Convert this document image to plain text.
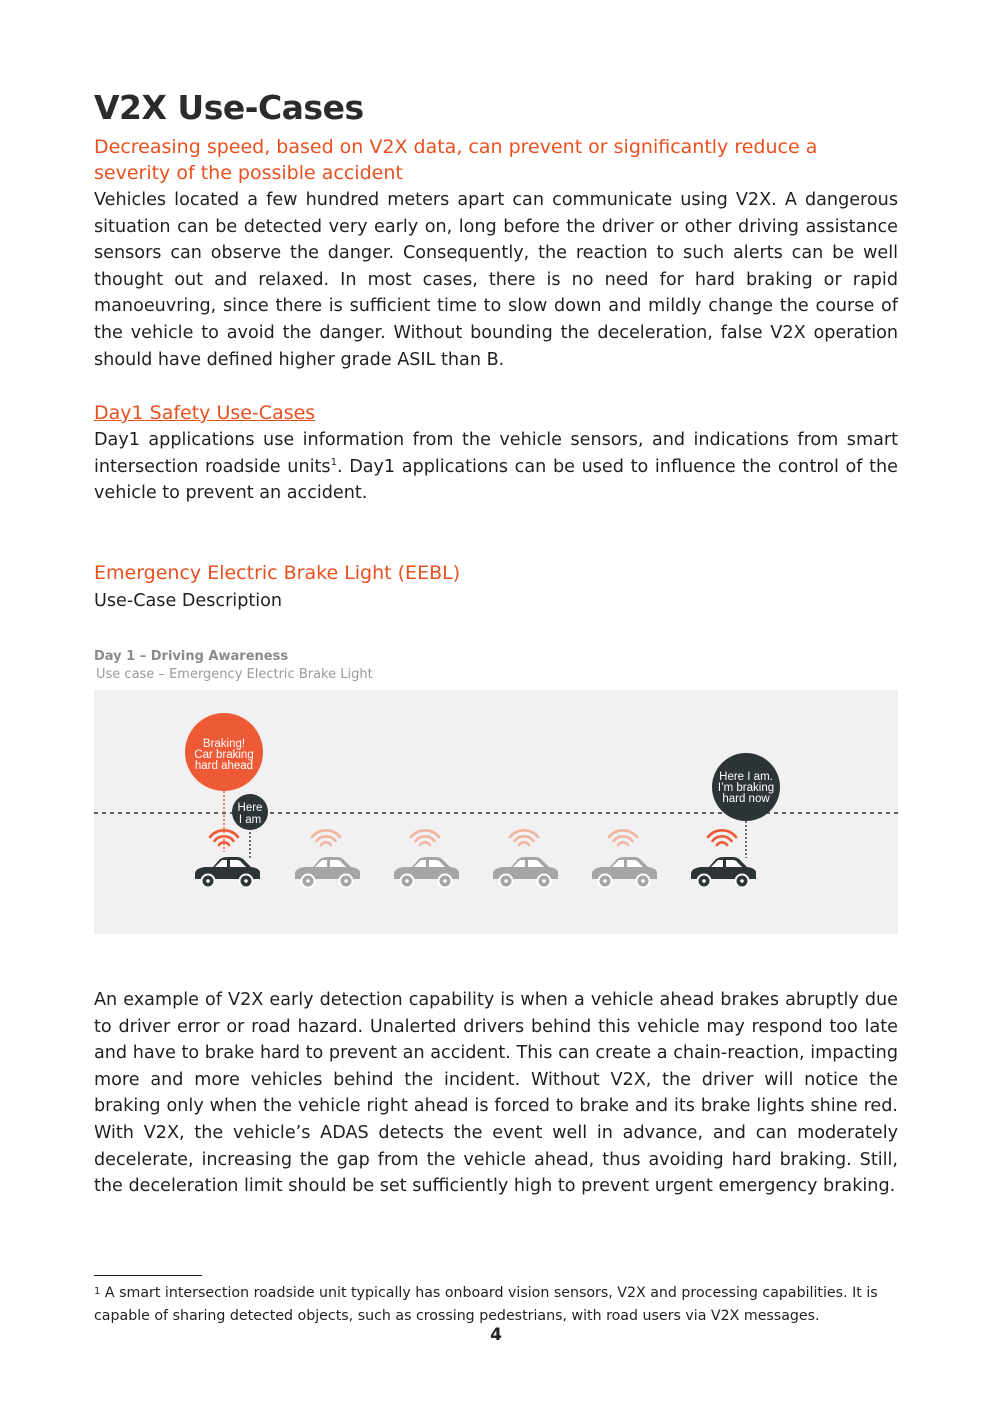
V2X Use-Cases

Decreasing speed, based on V2X data, can prevent or significantly reduce a severity of the possible accident

Vehicles located a few hundred meters apart can communicate using V2X. A dangerous situation can be detected very early on, long before the driver or other driving assistance sensors can observe the danger. Consequently, the reaction to such alerts can be well thought out and relaxed. In most cases, there is no need for hard braking or rapid manoeuvring, since there is sufficient time to slow down and mildly change the course of the vehicle to avoid the danger. Without bounding the deceleration, false V2X operation should have defined higher grade ASIL than B.

Day1 Safety Use-Cases

Day1 applications use information from the vehicle sensors, and indications from smart intersection roadside units$^1$. Day1 applications can be used to influence the control of the vehicle to prevent an accident.

Emergency Electric Brake Light (EEBL)

Use-Case Description

Day 1 – Driving Awareness
Use case – Emergency Electric Brake Light
Braking!
Car braking
hard ahead
Here
I am
Here I am.
I’m braking
hard now

An example of V2X early detection capability is when a vehicle ahead brakes abruptly due to driver error or road hazard. Unalerted drivers behind this vehicle may respond too late and have to brake hard to prevent an accident. This can create a chain-reaction, impacting more and more vehicles behind the incident. Without V2X, the driver will notice the braking only when the vehicle right ahead is forced to brake and its brake lights shine red. With V2X, the vehicle’s ADAS detects the event well in advance, and can moderately decelerate, increasing the gap from the vehicle ahead, thus avoiding hard braking. Still, the deceleration limit should be set sufficiently high to prevent urgent emergency braking.

$^1$ A smart intersection roadside unit typically has onboard vision sensors, V2X and processing capabilities. It is capable of sharing detected objects, such as crossing pedestrians, with road users via V2X messages.

4
